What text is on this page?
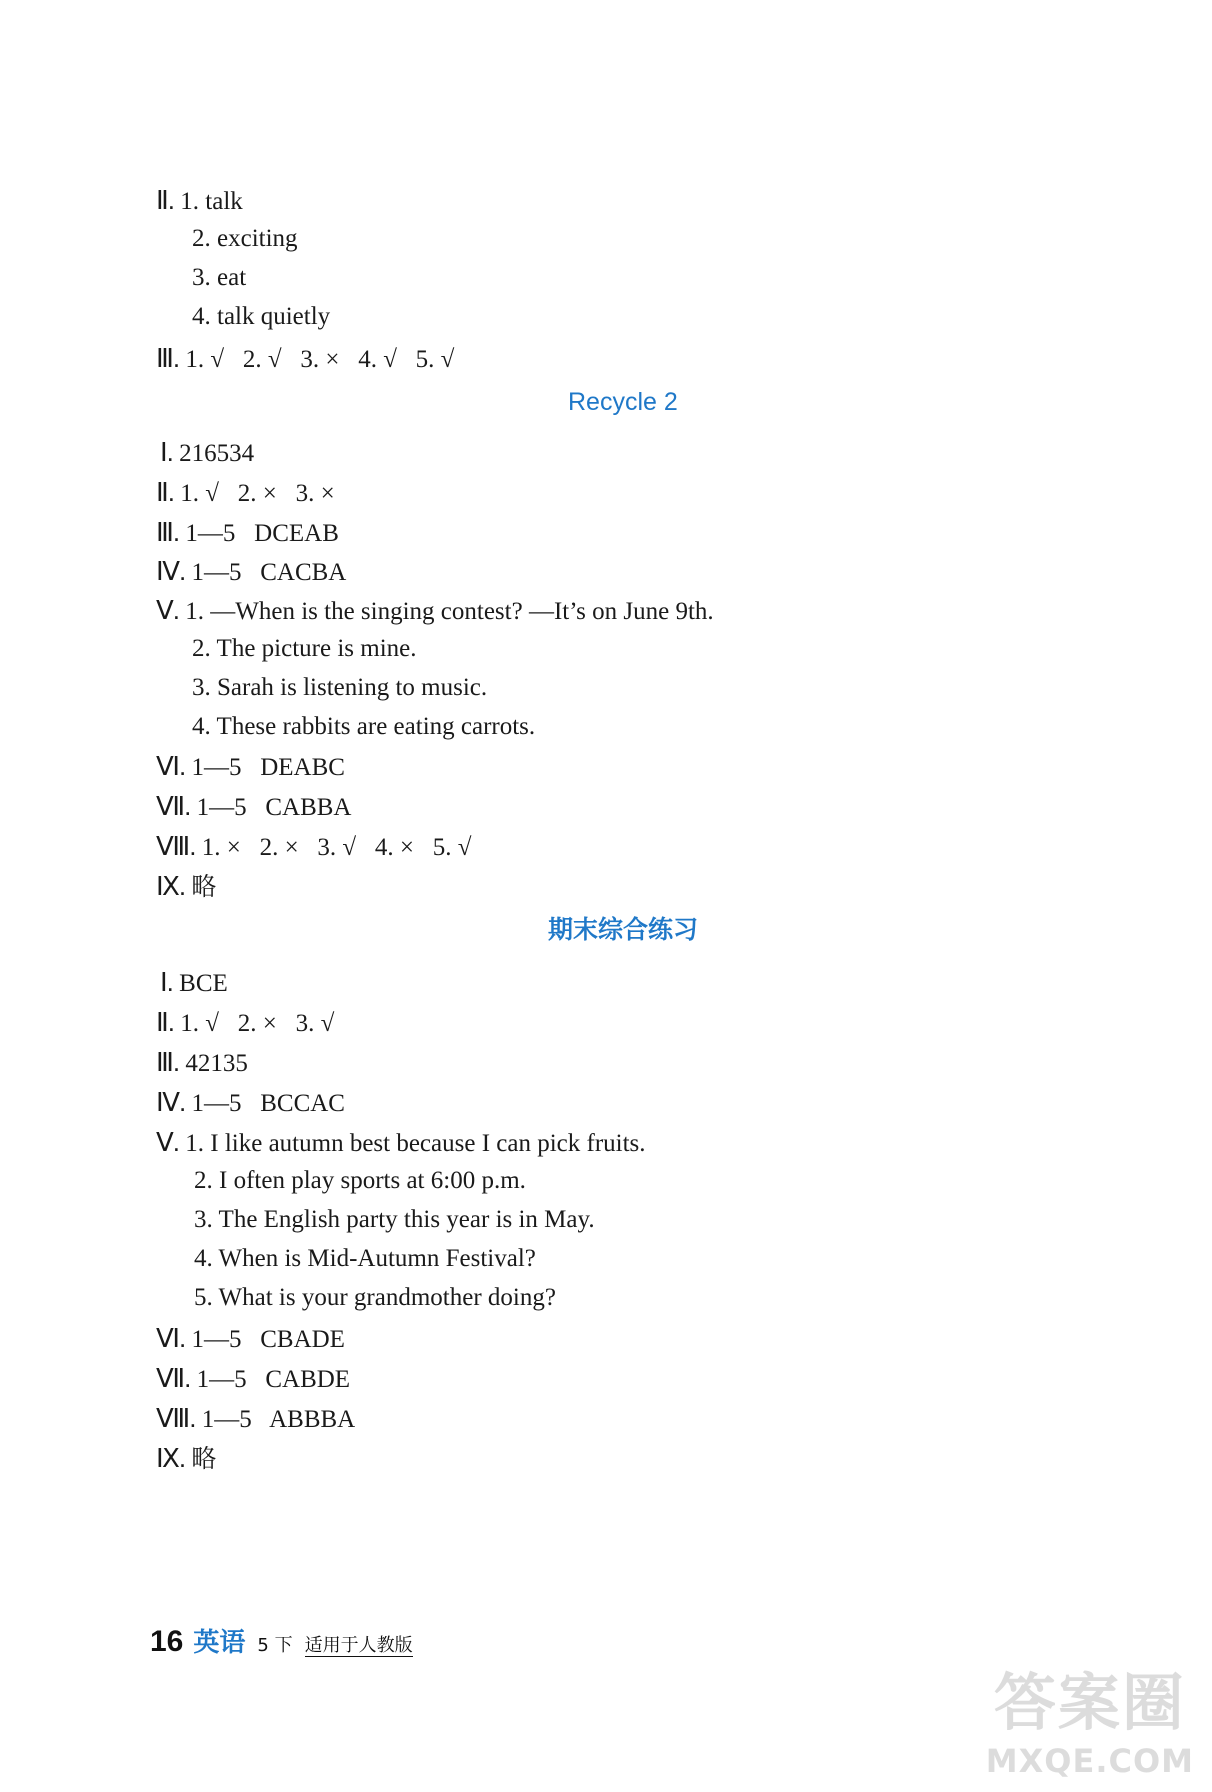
Ⅱ. 1. talk
2. exciting
3. eat
4. talk quietly
Ⅲ. 1. √   2. √   3. ×   4. √   5. √
Recycle 2
Ⅰ. 216534
Ⅱ. 1. √   2. ×   3. ×
Ⅲ. 1—5   DCEAB
Ⅳ. 1—5   CACBA
Ⅴ. 1. —When is the singing contest? —It’s on June 9th.
2. The picture is mine.
3. Sarah is listening to music.
4. These rabbits are eating carrots.
Ⅵ. 1—5   DEABC
Ⅶ. 1—5   CABBA
Ⅷ. 1. ×   2. ×   3. √   4. ×   5. √
Ⅸ. 略
期末综合练习
Ⅰ. BCE
Ⅱ. 1. √   2. ×   3. √
Ⅲ. 42135
Ⅳ. 1—5   BCCAC
Ⅴ. 1. I like autumn best because I can pick fruits.
2. I often play sports at 6:00 p.m.
3. The English party this year is in May.
4. When is Mid-Autumn Festival?
5. What is your grandmother doing?
Ⅵ. 1—5   CBADE
Ⅶ. 1—5   CABDE
Ⅷ. 1—5   ABBBA
Ⅸ. 略
16 英语 5 下 适用于人教版
答案圈
MXQE.COM
